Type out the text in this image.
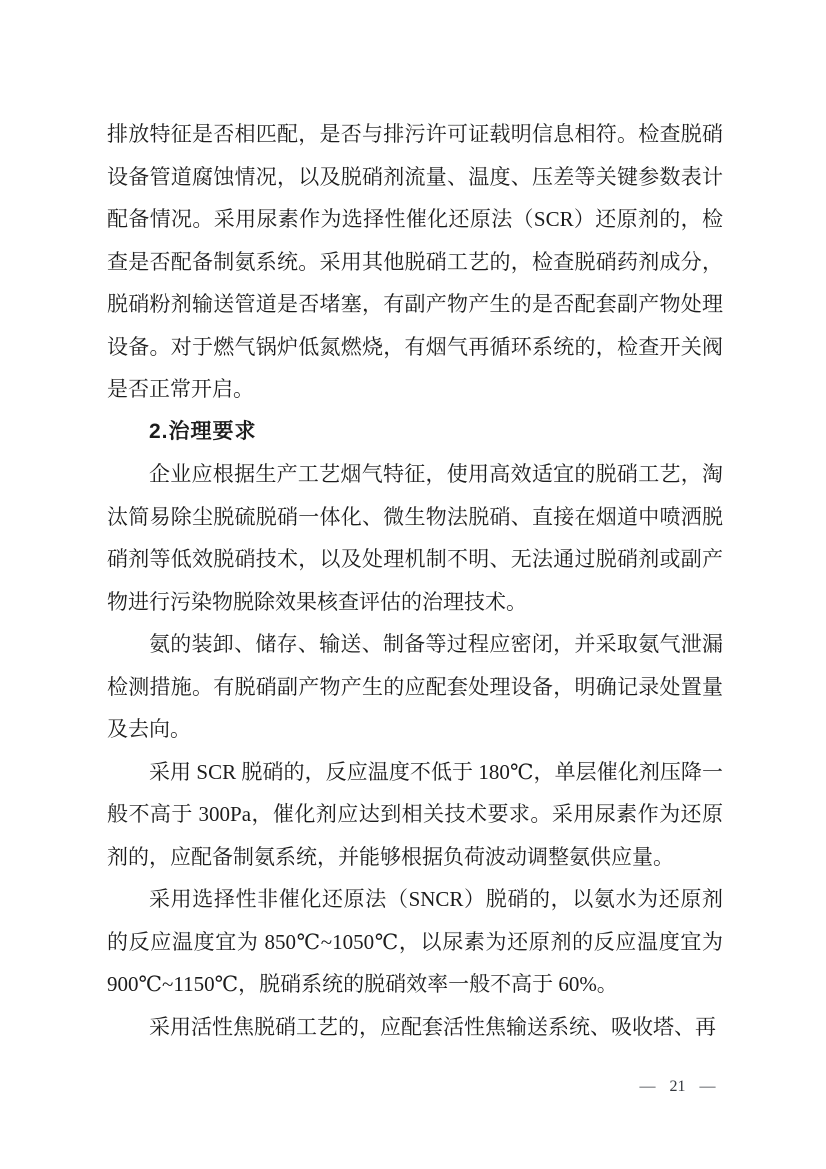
排放特征是否相匹配，是否与排污许可证载明信息相符。检查脱硝设备管道腐蚀情况，以及脱硝剂流量、温度、压差等关键参数表计配备情况。采用尿素作为选择性催化还原法（SCR）还原剂的，检查是否配备制氨系统。采用其他脱硝工艺的，检查脱硝药剂成分，脱硝粉剂输送管道是否堵塞，有副产物产生的是否配套副产物处理设备。对于燃气锅炉低氮燃烧，有烟气再循环系统的，检查开关阀是否正常开启。

2.治理要求

企业应根据生产工艺烟气特征，使用高效适宜的脱硝工艺，淘汰简易除尘脱硫脱硝一体化、微生物法脱硝、直接在烟道中喷洒脱硝剂等低效脱硝技术，以及处理机制不明、无法通过脱硝剂或副产物进行污染物脱除效果核查评估的治理技术。

氨的装卸、储存、输送、制备等过程应密闭，并采取氨气泄漏检测措施。有脱硝副产物产生的应配套处理设备，明确记录处置量及去向。

采用 SCR 脱硝的，反应温度不低于 180℃，单层催化剂压降一般不高于 300Pa，催化剂应达到相关技术要求。采用尿素作为还原剂的，应配备制氨系统，并能够根据负荷波动调整氨供应量。

采用选择性非催化还原法（SNCR）脱硝的，以氨水为还原剂的反应温度宜为 850℃~1050℃，以尿素为还原剂的反应温度宜为 900℃~1150℃，脱硝系统的脱硝效率一般不高于 60%。

采用活性焦脱硝工艺的，应配套活性焦输送系统、吸收塔、再

— 21 —
